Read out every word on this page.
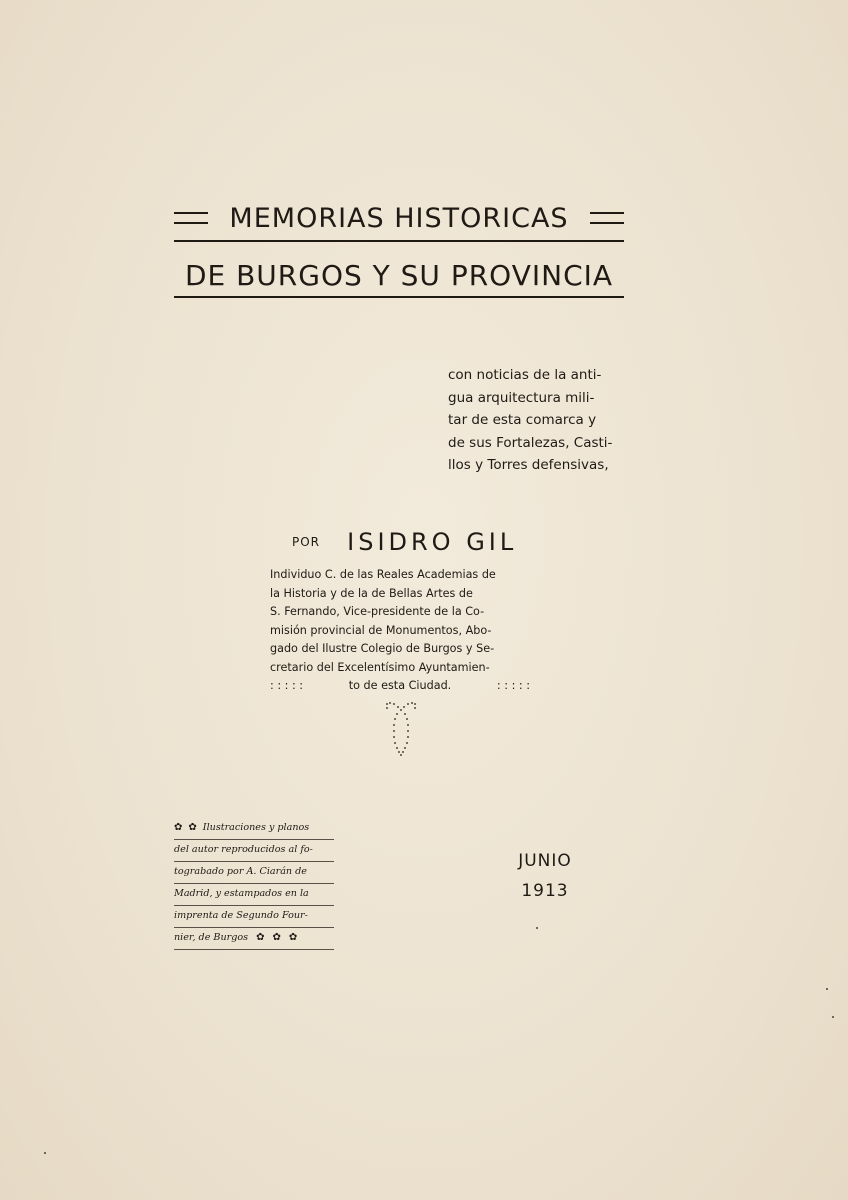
MEMORIAS HISTORICAS
DE BURGOS Y SU PROVINCIA
con noticias de la anti-
gua arquitectura mili-
tar de esta comarca y
de sus Fortalezas, Casti-
llos y Torres defensivas,
POR ISIDRO GIL
Individuo C. de las Reales Academias de
la Historia y de la de Bellas Artes de
S. Fernando, Vice-presidente de la Co-
misión provincial de Monumentos, Abo-
gado del Ilustre Colegio de Burgos y Se-
cretario del Excelentísimo Ayuntamien-
: : : : :	to de esta Ciudad.	: : : : :
✿ ✿ Ilustraciones y planos
del autor reproducidos al fo-
tograbado por A. Ciarán de
Madrid, y estampados en la
imprenta de Segundo Four-
nier, de Burgos ✿ ✿ ✿
JUNIO
1913
